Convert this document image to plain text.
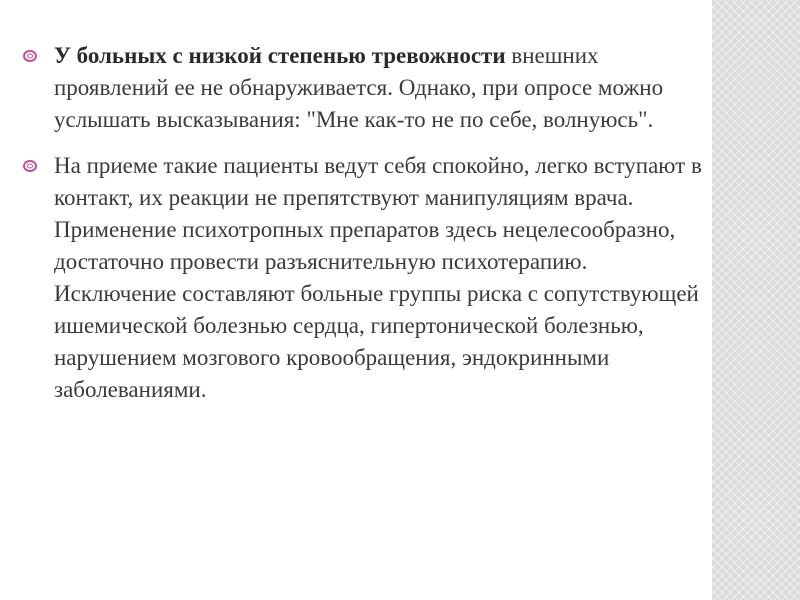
У больных с низкой степенью тревожности внешних проявлений ее не обнаруживается. Однако, при опросе можно услышать высказывания: "Мне как-то не по себе, волнуюсь".
На приеме такие пациенты ведут себя спокойно, легко вступают в контакт, их реакции не препятствуют манипуляциям врача. Применение психотропных препаратов здесь нецелесообразно, достаточно провести разъяснительную психотерапию.
Исключение составляют больные группы риска с сопутствующей ишемической болезнью сердца, гипертонической болезнью, нарушением мозгового кровообращения, эндокринными заболеваниями.
